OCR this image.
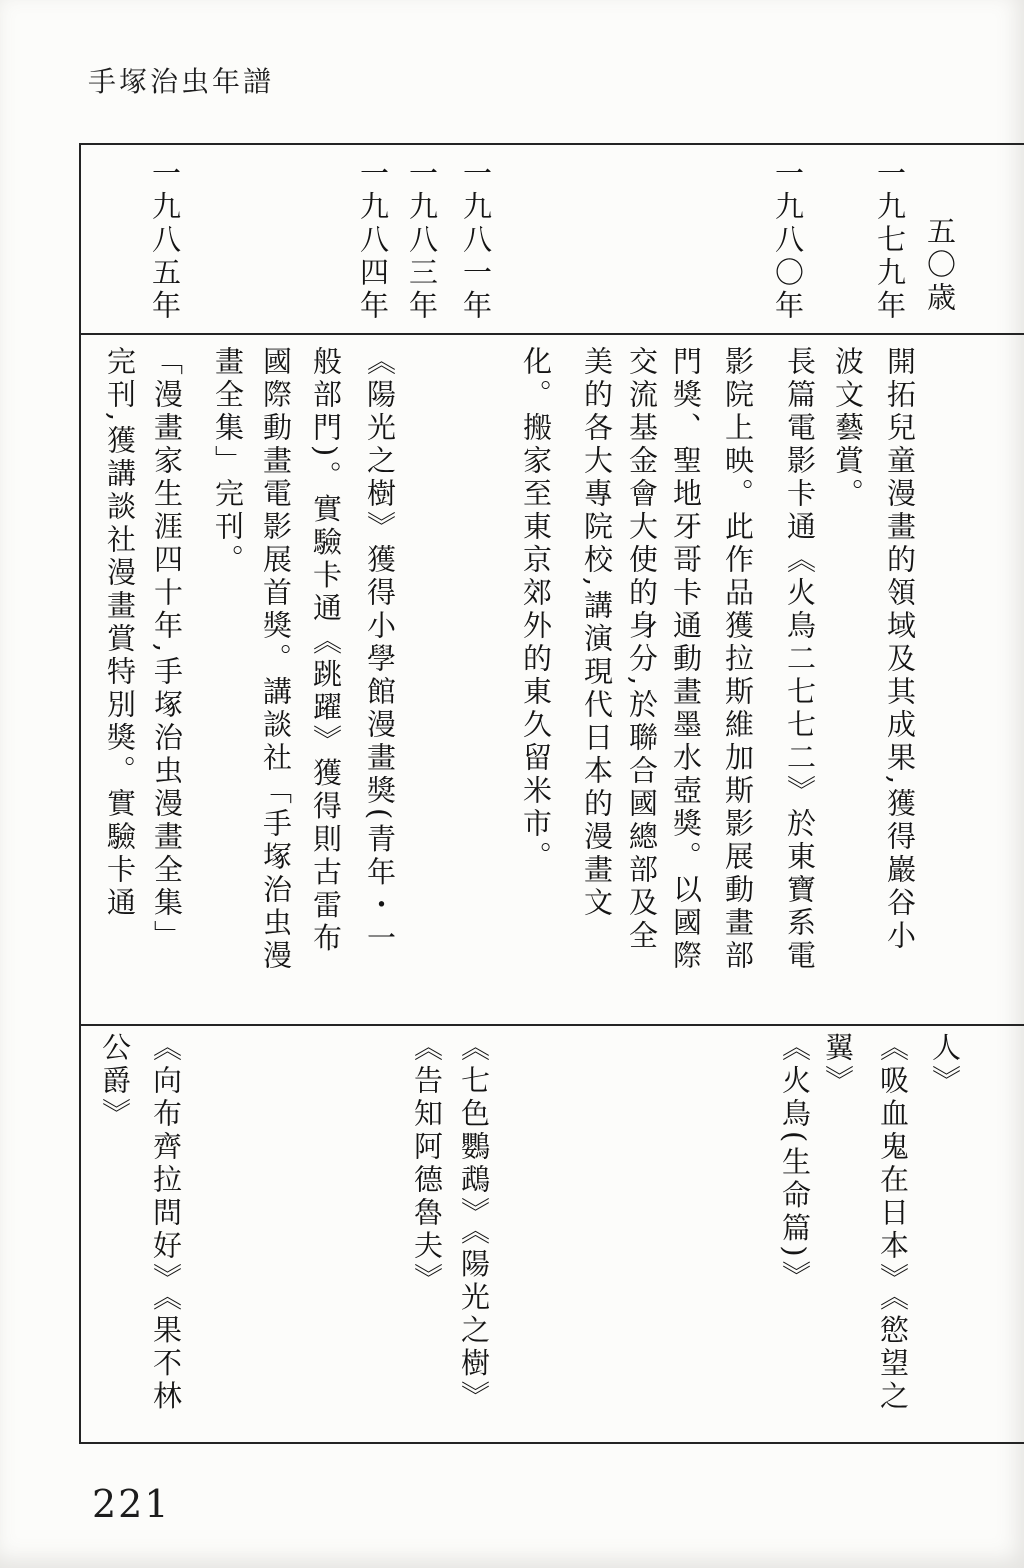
手塚治虫年譜
五〇歳
一九七九年
一九八〇年
一九八一年
一九八三年
一九八四年
一九八五年
開拓兒童漫畫的領域及其成果,獲得巖谷小
波文藝賞。
長篇電影卡通《火鳥二七七二》於東寶系電
影院上映。此作品獲拉斯維加斯影展動畫部
門獎、聖地牙哥卡通動畫墨水壺獎。以國際
交流基金會大使的身分,於聯合國總部及全
美的各大專院校,講演現代日本的漫畫文
化。搬家至東京郊外的東久留米市。
《陽光之樹》獲得小學館漫畫獎(青年・一
般部門)。實驗卡通《跳躍》獲得則古雷布
國際動畫電影展首獎。講談社「手塚治虫漫
畫全集」完刊。
「漫畫家生涯四十年,手塚治虫漫畫全集」
完刊,獲講談社漫畫賞特別獎。實驗卡通
人》
《吸血鬼在日本》《慾望之
翼》
《火鳥(生命篇)》
《七色鸚鵡》《陽光之樹》
《告知阿德魯夫》
《向布齊拉問好》《果不林
公爵》
221
